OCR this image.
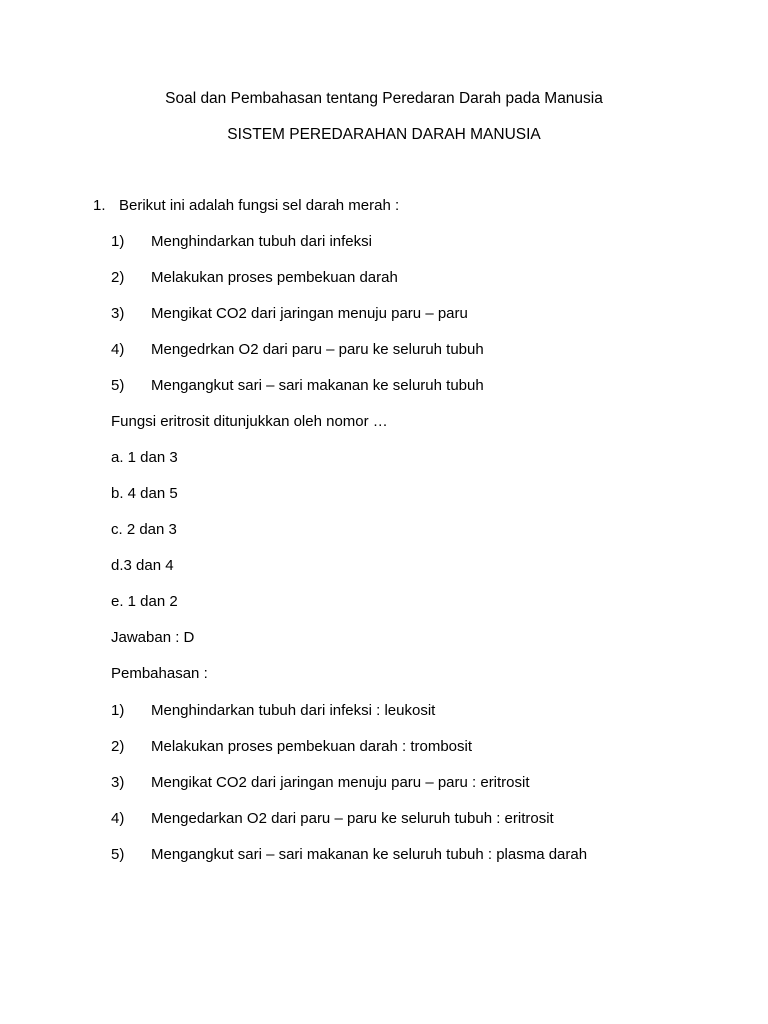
Soal dan Pembahasan tentang Peredaran Darah pada Manusia
SISTEM PEREDARAHAN DARAH MANUSIA
1. Berikut ini adalah fungsi sel darah merah :
1)	Menghindarkan tubuh dari infeksi
2)	Melakukan proses pembekuan darah
3)	Mengikat CO2 dari jaringan menuju paru – paru
4)	Mengedrkan O2 dari paru – paru ke seluruh tubuh
5)	Mengangkut sari – sari makanan ke seluruh tubuh
Fungsi eritrosit ditunjukkan oleh nomor …
a. 1 dan 3
b. 4 dan 5
c. 2 dan 3
d.3 dan 4
e. 1 dan 2
Jawaban : D
Pembahasan :
1)	Menghindarkan tubuh dari infeksi : leukosit
2)	Melakukan proses pembekuan darah : trombosit
3)	Mengikat CO2 dari jaringan menuju paru – paru : eritrosit
4)	Mengedarkan O2 dari paru – paru ke seluruh tubuh : eritrosit
5)	Mengangkut sari – sari makanan ke seluruh tubuh : plasma darah
